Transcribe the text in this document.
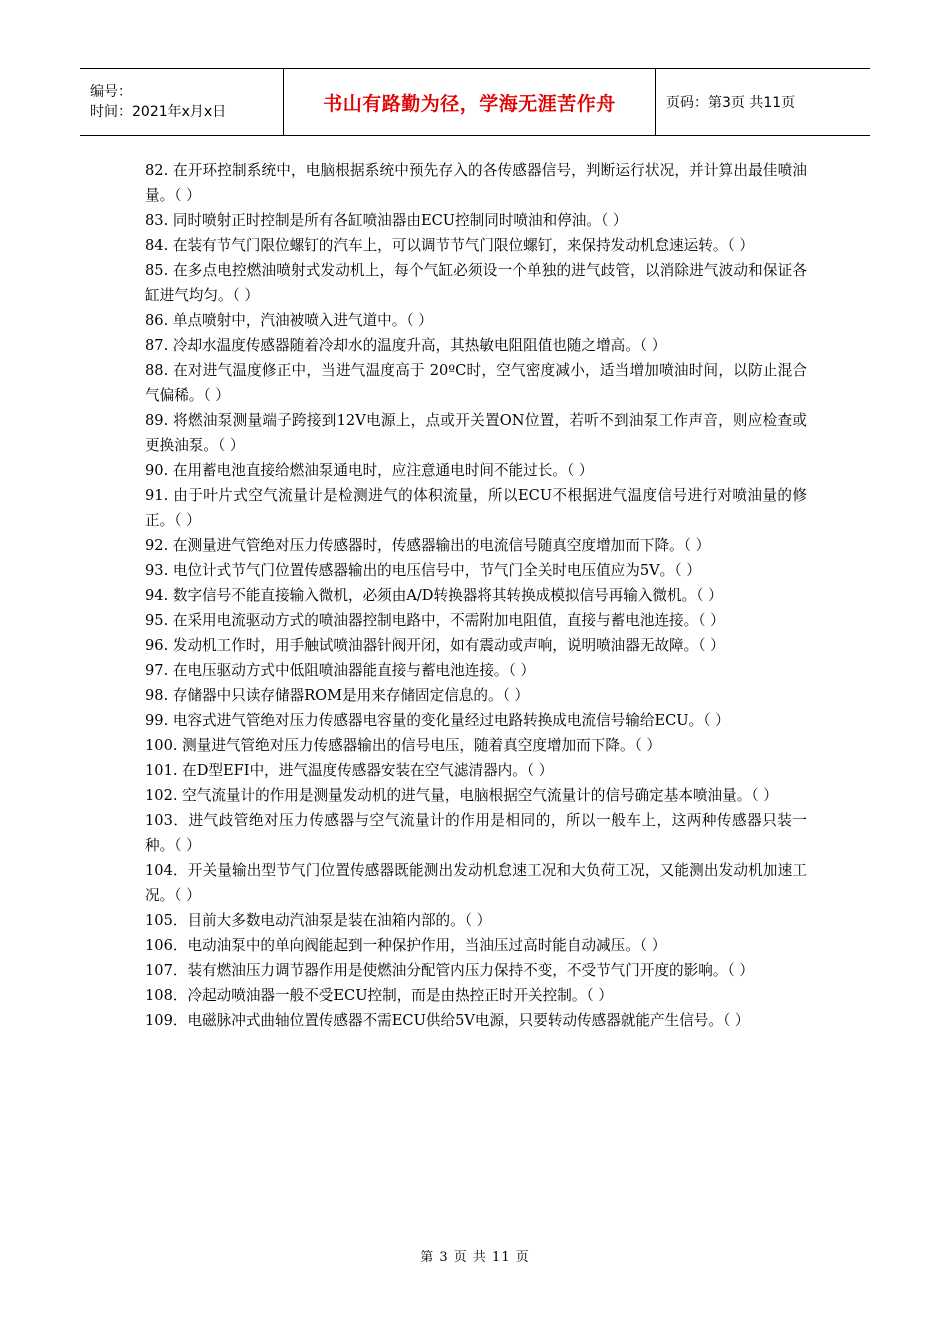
编号：
时间：2021年x月x日	书山有路勤为径，学海无涯苦作舟	页码：第3页 共11页
82. 在开环控制系统中，电脑根据系统中预先存入的各传感器信号，判断运行状况，并计算出最佳喷油量。（ ）
83. 同时喷射正时控制是所有各缸喷油器由ECU控制同时喷油和停油。（ ）
84. 在装有节气门限位螺钉的汽车上，可以调节节气门限位螺钉，来保持发动机怠速运转。（ ）
85. 在多点电控燃油喷射式发动机上，每个气缸必须设一个单独的进气歧管，以消除进气波动和保证各缸进气均匀。（ ）
86. 单点喷射中，汽油被喷入进气道中。（ ）
87. 冷却水温度传感器随着冷却水的温度升高，其热敏电阻阻值也随之增高。（ ）
88. 在对进气温度修正中，当进气温度高于 20ºC时，空气密度减小，适当增加喷油时间，以防止混合气偏稀。（ ）
89. 将燃油泵测量端子跨接到12V电源上，点或开关置ON位置，若听不到油泵工作声音，则应检查或更换油泵。（ ）
90. 在用蓄电池直接给燃油泵通电时，应注意通电时间不能过长。（ ）
91. 由于叶片式空气流量计是检测进气的体积流量，所以ECU不根据进气温度信号进行对喷油量的修正。（ ）
92. 在测量进气管绝对压力传感器时，传感器输出的电流信号随真空度增加而下降。（ ）
93. 电位计式节气门位置传感器输出的电压信号中，节气门全关时电压值应为5V。（ ）
94. 数字信号不能直接输入微机，必须由A/D转换器将其转换成模拟信号再输入微机。（ ）
95. 在采用电流驱动方式的喷油器控制电路中，不需附加电阻值，直接与蓄电池连接。（ ）
96. 发动机工作时，用手触试喷油器针阀开闭，如有震动或声响，说明喷油器无故障。（ ）
97. 在电压驱动方式中低阻喷油器能直接与蓄电池连接。（ ）
98. 存储器中只读存储器ROM是用来存储固定信息的。（ ）
99. 电容式进气管绝对压力传感器电容量的变化量经过电路转换成电流信号输给ECU。（ ）
100. 测量进气管绝对压力传感器输出的信号电压，随着真空度增加而下降。（ ）
101. 在D型EFI中，进气温度传感器安装在空气滤清器内。（ ）
102. 空气流量计的作用是测量发动机的进气量，电脑根据空气流量计的信号确定基本喷油量。（ ）
103．进气歧管绝对压力传感器与空气流量计的作用是相同的，所以一般车上，这两种传感器只装一种。（ ）
104．开关量输出型节气门位置传感器既能测出发动机怠速工况和大负荷工况，又能测出发动机加速工况。（ ）
105．目前大多数电动汽油泵是装在油箱内部的。（ ）
106．电动油泵中的单向阀能起到一种保护作用，当油压过高时能自动减压。（ ）
107．装有燃油压力调节器作用是使燃油分配管内压力保持不变，不受节气门开度的影响。（ ）
108．冷起动喷油器一般不受ECU控制，而是由热控正时开关控制。（ ）
109．电磁脉冲式曲轴位置传感器不需ECU供给5V电源，只要转动传感器就能产生信号。（ ）
第 3 页 共 11 页
